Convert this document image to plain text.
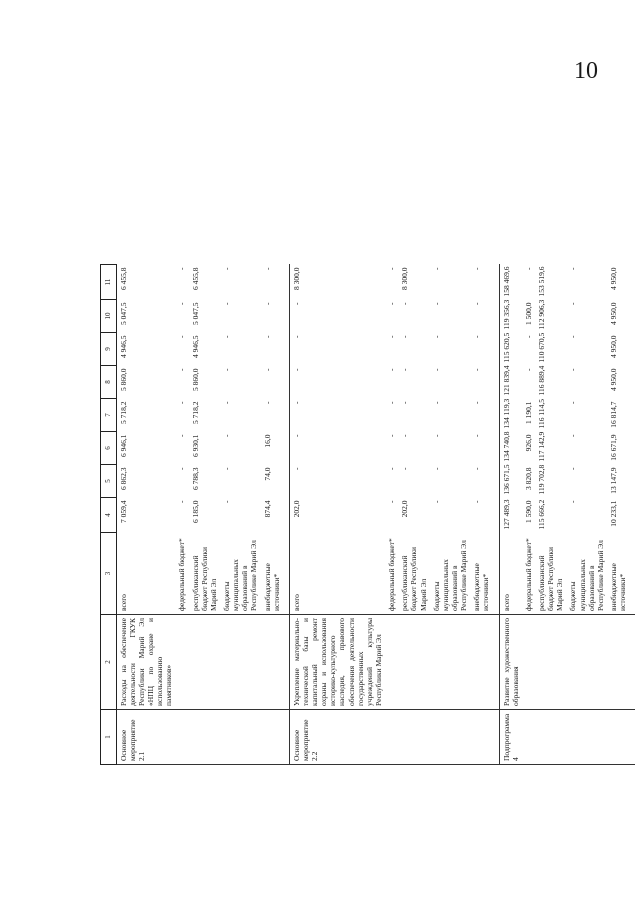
10
1	2	3	4	5	6	7	8	9	10	11
Основное мероприятие 2.1	Расходы на обеспечение деятельности ГКУК Республики Марий Эл «НПЦ по охране и использованию памятников»	всего	7 059,4	6 862,3	6 946,1	5 718,2	5 860,0	4 946,5	5 047,5	6 455,8
		федеральный бюджет*	-	-	-	-	-	-	-	-
		республиканский бюджет Республики Марий Эл	6 185,0	6 788,3	6 930,1	5 718,2	5 860,0	4 946,5	5 047,5	6 455,8
		бюджеты муниципальных образований в Республике Марий Эл	-	-	-	-	-	-	-	-
		внебюджетные источники*	874,4	74,0	16,0	-	-	-	-	-
Основное мероприятие 2.2	Укрепление материально-технической базы и капитальный ремонт охраны и использования историко-культурного наследия, правового обеспечения деятельности государственных учреждений культуры Республики Марий Эл	всего	202,0	-	-	-	-	-	-	8 300,0
		федеральный бюджет*	-	-	-	-	-	-	-	-
		республиканский бюджет Республики Марий Эл	202,0	-	-	-	-	-	-	8 300,0
		бюджеты муниципальных образований в Республике Марий Эл	-	-	-	-	-	-	-	-
		внебюджетные источники*	-	-	-	-	-	-	-	-
Подпрограмма 4	Развитие художественного образования	всего	127 489,3	136 671,5	134 740,8	134 119,3	121 839,4	115 620,5	119 356,3	158 469,6
		федеральный бюджет*	1 590,0	3 820,8	926,0	1 190,1	-	-	1 500,0	-
		республиканский бюджет Республики Марий Эл	115 666,2	119 702,8	117 142,9	116 114,5	116 889,4	110 670,5	112 906,3	153 519,6
		бюджеты муниципальных образований в Республике Марий Эл	-	-	-	-	-	-	-	-
		внебюджетные источники*	10 233,1	13 147,9	16 671,9	16 814,7	4 950,0	4 950,0	4 950,0	4 950,0
